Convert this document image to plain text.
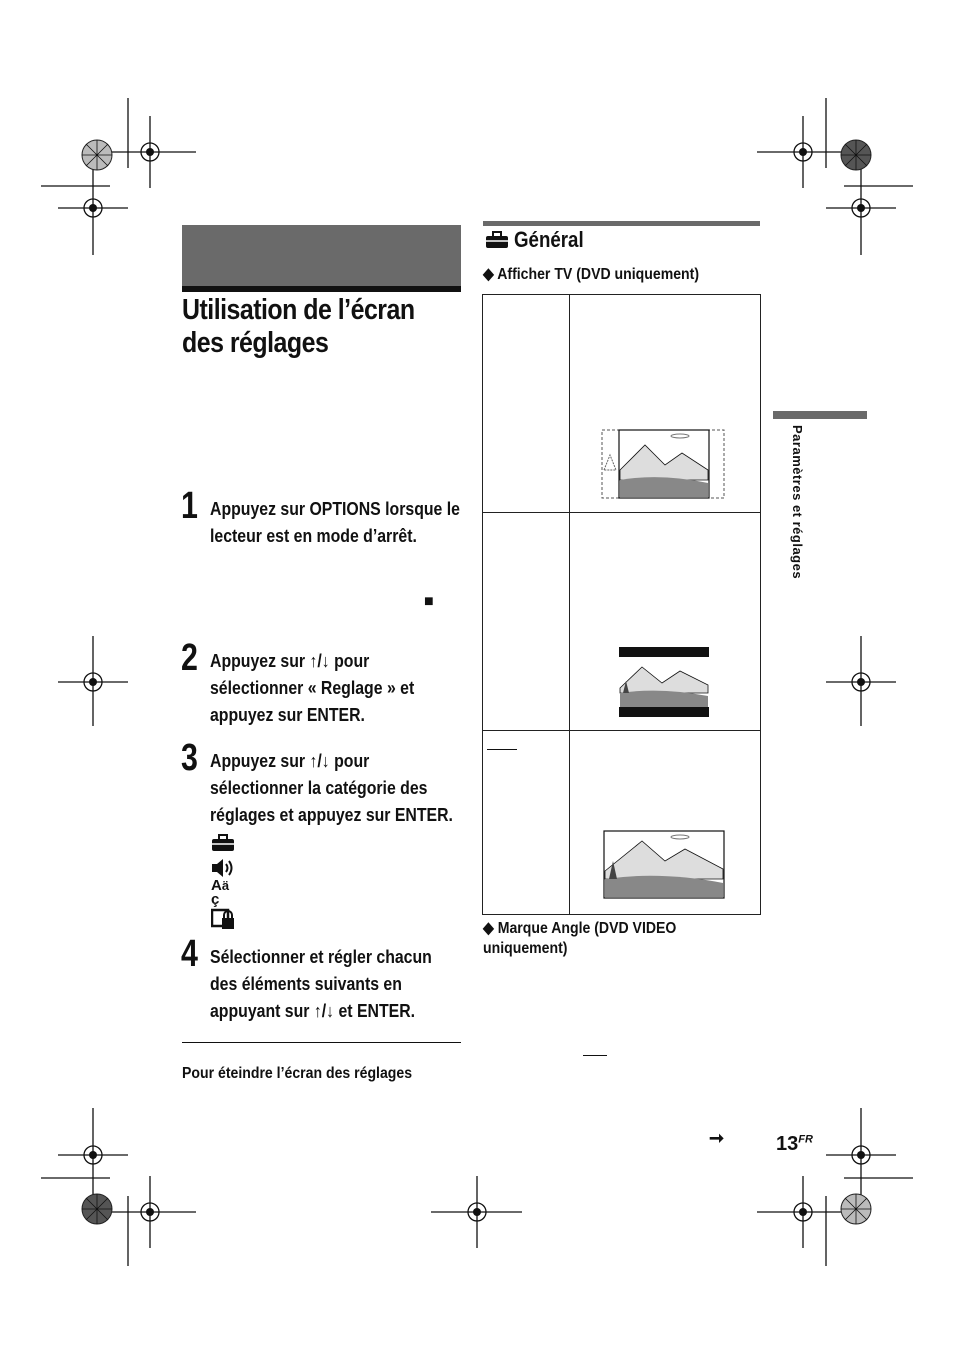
Utilisation de l’écran
des réglages
1 Appuyez sur OPTIONS lorsque le
lecteur est en mode d’arrêt.
■
2 Appuyez sur ↑/↓ pour
sélectionner « Reglage » et
appuyez sur ENTER.
3 Appuyez sur ↑/↓ pour
sélectionner la catégorie des
réglages et appuyez sur ENTER.
Aä
ç
4 Sélectionner et régler chacun
des éléments suivants en
appuyant sur ↑/↓ et ENTER.
Pour éteindre l’écran des réglages
Général
◆ Afficher TV (DVD uniquement)

◆ Marque Angle (DVD VIDEO
uniquement)
Paramètres et réglages
➞	$13^{FR}$
